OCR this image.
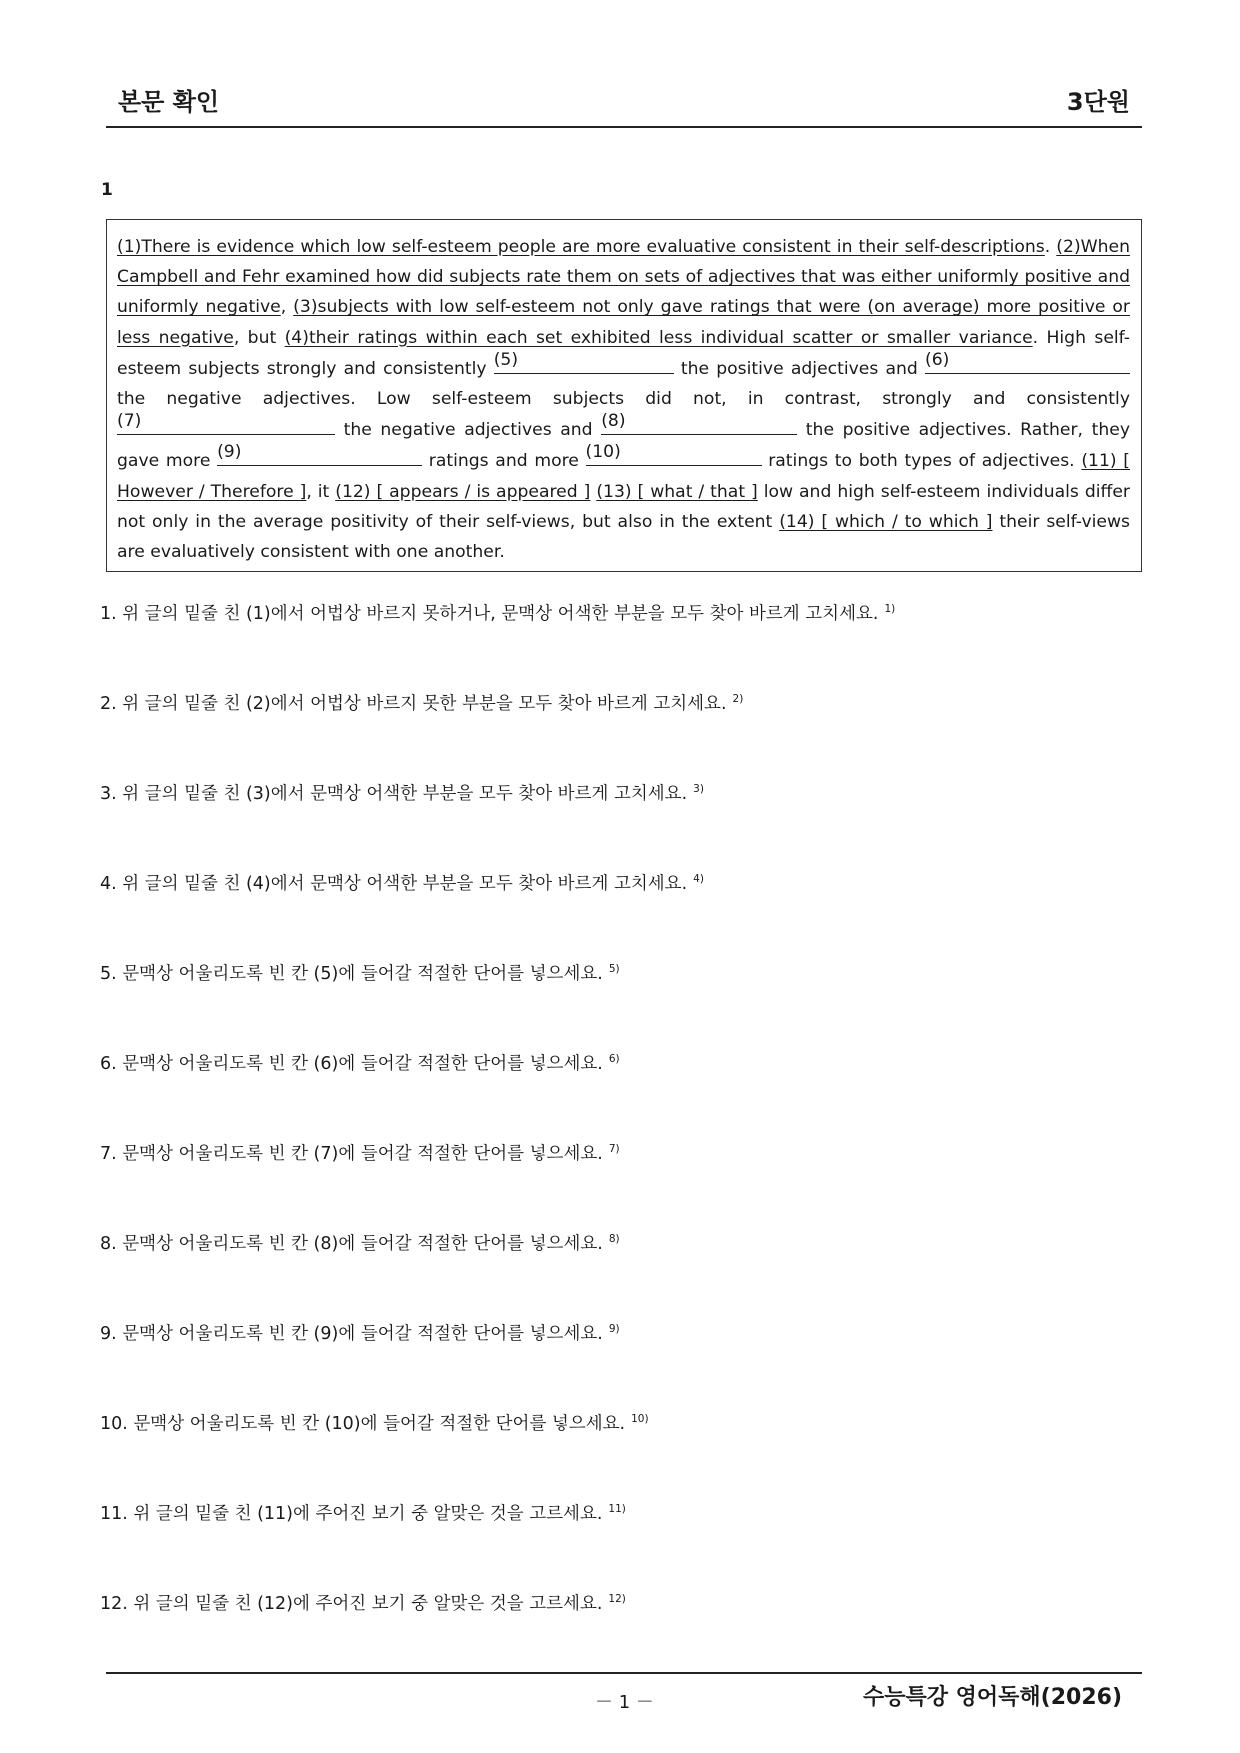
본문 확인	3단원
1
(1)There is evidence which low self-esteem people are more evaluative consistent in their self-descriptions. (2)When Campbell and Fehr examined how did subjects rate them on sets of adjectives that was either uniformly positive and uniformly negative, (3)subjects with low self-esteem not only gave ratings that were (on average) more positive or less negative, but (4)their ratings within each set exhibited less individual scatter or smaller variance. High self-esteem subjects strongly and consistently (5)	the positive adjectives and (6)
the negative adjectives. Low self-esteem subjects did not, in contrast, strongly and consistently
(7)	the negative adjectives and (8)	the positive adjectives. Rather, they gave more (9)	ratings and more (10)	ratings to both types of adjectives. (11) [ However / Therefore ], it (12) [ appears / is appeared ] (13) [ what / that ] low and high self-esteem individuals differ not only in the average positivity of their self-views, but also in the extent (14) [ which / to which ] their self-views are evaluatively consistent with one another.
1. 위 글의 밑줄 친 (1)에서 어법상 바르지 못하거나, 문맥상 어색한 부분을 모두 찾아 바르게 고치세요. $^{1)}$
2. 위 글의 밑줄 친 (2)에서 어법상 바르지 못한 부분을 모두 찾아 바르게 고치세요. $^{2)}$
3. 위 글의 밑줄 친 (3)에서 문맥상 어색한 부분을 모두 찾아 바르게 고치세요. $^{3)}$
4. 위 글의 밑줄 친 (4)에서 문맥상 어색한 부분을 모두 찾아 바르게 고치세요. $^{4)}$
5. 문맥상 어울리도록 빈 칸 (5)에 들어갈 적절한 단어를 넣으세요. $^{5)}$
6. 문맥상 어울리도록 빈 칸 (6)에 들어갈 적절한 단어를 넣으세요. $^{6)}$
7. 문맥상 어울리도록 빈 칸 (7)에 들어갈 적절한 단어를 넣으세요. $^{7)}$
8. 문맥상 어울리도록 빈 칸 (8)에 들어갈 적절한 단어를 넣으세요. $^{8)}$
9. 문맥상 어울리도록 빈 칸 (9)에 들어갈 적절한 단어를 넣으세요. $^{9)}$
10. 문맥상 어울리도록 빈 칸 (10)에 들어갈 적절한 단어를 넣으세요. $^{10)}$
11. 위 글의 밑줄 친 (11)에 주어진 보기 중 알맞은 것을 고르세요. $^{11)}$
12. 위 글의 밑줄 친 (12)에 주어진 보기 중 알맞은 것을 고르세요. $^{12)}$
－ 1 －	수능특강 영어독해(2026)
